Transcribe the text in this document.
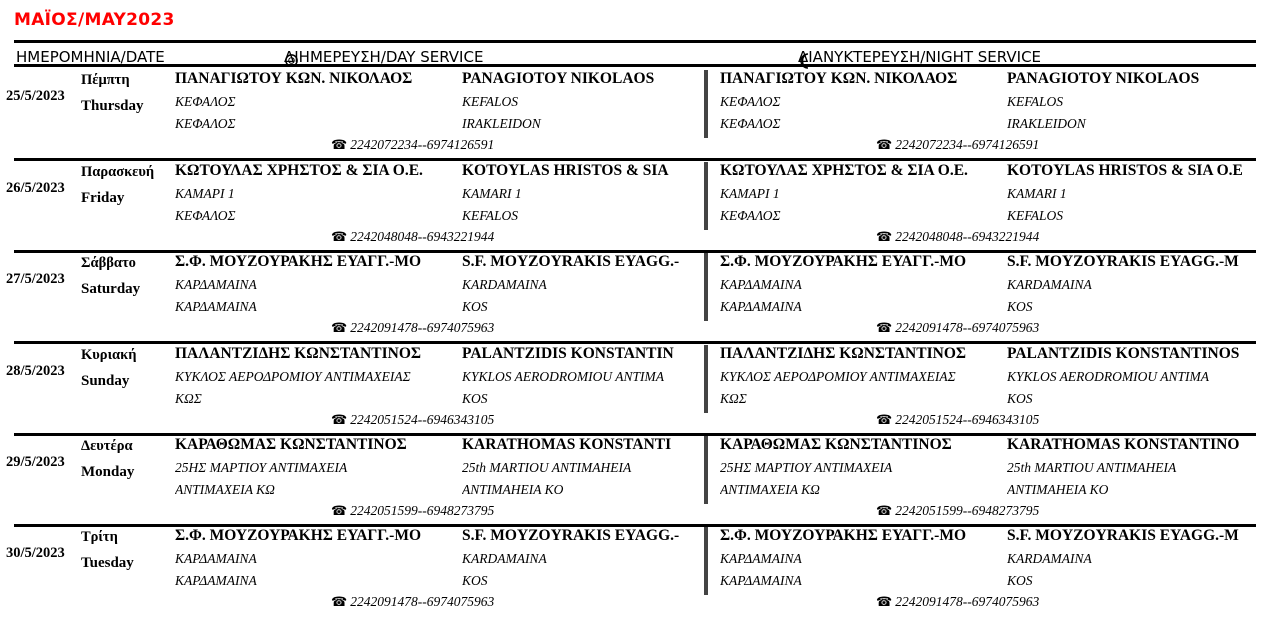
ΜΑΪΟΣ/MAY2023
ΗΜΕΡΟΜΗΝΙΑ/DATE	ΔΙΗΜΕΡΕΥΣΗ/DAY SERVICE	ΔΙΑΝΥΚΤΕΡΕΥΣΗ/NIGHT SERVICE
25/5/2023
Πέμπτη
Thursday
ΠΑΝΑΓΙΩΤΟΥ ΚΩΝ. ΝΙΚΟΛΑΟΣ	PANAGIOTOY NIKOLAOS
ΚΕΦΑΛΟΣ	KEFALOS
ΚΕΦΑΛΟΣ	IRAKLEIDON
☎ 2242072234--6974126591
ΠΑΝΑΓΙΩΤΟΥ ΚΩΝ. ΝΙΚΟΛΑΟΣ	PANAGIOTOY NIKOLAOS
ΚΕΦΑΛΟΣ	KEFALOS
ΚΕΦΑΛΟΣ	IRAKLEIDON
☎ 2242072234--6974126591
26/5/2023
Παρασκευή
Friday
ΚΩΤΟΥΛΑΣ ΧΡΗΣΤΟΣ & ΣΙΑ Ο.Ε.	KOTOYLAS HRISTOS & SIA
ΚΑΜΑΡΙ 1	KAMARI 1
ΚΕΦΑΛΟΣ	KEFALOS
☎ 2242048048--6943221944
ΚΩΤΟΥΛΑΣ ΧΡΗΣΤΟΣ & ΣΙΑ Ο.Ε.	KOTOYLAS HRISTOS & SIA O.E
ΚΑΜΑΡΙ 1	KAMARI 1
ΚΕΦΑΛΟΣ	KEFALOS
☎ 2242048048--6943221944
27/5/2023
Σάββατο
Saturday
Σ.Φ. ΜΟΥΖΟΥΡΑΚΗΣ ΕΥΑΓΓ.-ΜΟ	S.F. MOYZOYRAKIS EYAGG.-
ΚΑΡΔΑΜΑΙΝΑ	KARDAMAINA
ΚΑΡΔΑΜΑΙΝΑ	KOS
☎ 2242091478--6974075963
Σ.Φ. ΜΟΥΖΟΥΡΑΚΗΣ ΕΥΑΓΓ.-ΜΟ	S.F. MOYZOYRAKIS EYAGG.-M
ΚΑΡΔΑΜΑΙΝΑ	KARDAMAINA
ΚΑΡΔΑΜΑΙΝΑ	KOS
☎ 2242091478--6974075963
28/5/2023
Κυριακή
Sunday
ΠΑΛΑΝΤΖΙΔΗΣ ΚΩΝΣΤΑΝΤΙΝΟΣ	PALANTZIDIS KONSTANTIN
ΚΥΚΛΟΣ ΑΕΡΟΔΡΟΜΙΟΥ ΑΝΤΙΜΑΧΕΙΑΣ	KYKLOS AERODROMIOU ANTIMA
ΚΩΣ	KOS
☎ 2242051524--6946343105
ΠΑΛΑΝΤΖΙΔΗΣ ΚΩΝΣΤΑΝΤΙΝΟΣ	PALANTZIDIS KONSTANTINOS
ΚΥΚΛΟΣ ΑΕΡΟΔΡΟΜΙΟΥ ΑΝΤΙΜΑΧΕΙΑΣ	KYKLOS AERODROMIOU ANTIMA
ΚΩΣ	KOS
☎ 2242051524--6946343105
29/5/2023
Δευτέρα
Monday
ΚΑΡΑΘΩΜΑΣ ΚΩΝΣΤΑΝΤΙΝΟΣ	KARATHOMAS KONSTANTI
25ΗΣ ΜΑΡΤΙΟΥ ΑΝΤΙΜΑΧΕΙΑ	25th MARTIOU ANTIMAHEIA
ΑΝΤΙΜΑΧΕΙΑ ΚΩ	ANTIMAHEIA KO
☎ 2242051599--6948273795
ΚΑΡΑΘΩΜΑΣ ΚΩΝΣΤΑΝΤΙΝΟΣ	KARATHOMAS KONSTANTINO
25ΗΣ ΜΑΡΤΙΟΥ ΑΝΤΙΜΑΧΕΙΑ	25th MARTIOU ANTIMAHEIA
ΑΝΤΙΜΑΧΕΙΑ ΚΩ	ANTIMAHEIA KO
☎ 2242051599--6948273795
30/5/2023
Τρίτη
Tuesday
Σ.Φ. ΜΟΥΖΟΥΡΑΚΗΣ ΕΥΑΓΓ.-ΜΟ	S.F. MOYZOYRAKIS EYAGG.-
ΚΑΡΔΑΜΑΙΝΑ	KARDAMAINA
ΚΑΡΔΑΜΑΙΝΑ	KOS
☎ 2242091478--6974075963
Σ.Φ. ΜΟΥΖΟΥΡΑΚΗΣ ΕΥΑΓΓ.-ΜΟ	S.F. MOYZOYRAKIS EYAGG.-M
ΚΑΡΔΑΜΑΙΝΑ	KARDAMAINA
ΚΑΡΔΑΜΑΙΝΑ	KOS
☎ 2242091478--6974075963
